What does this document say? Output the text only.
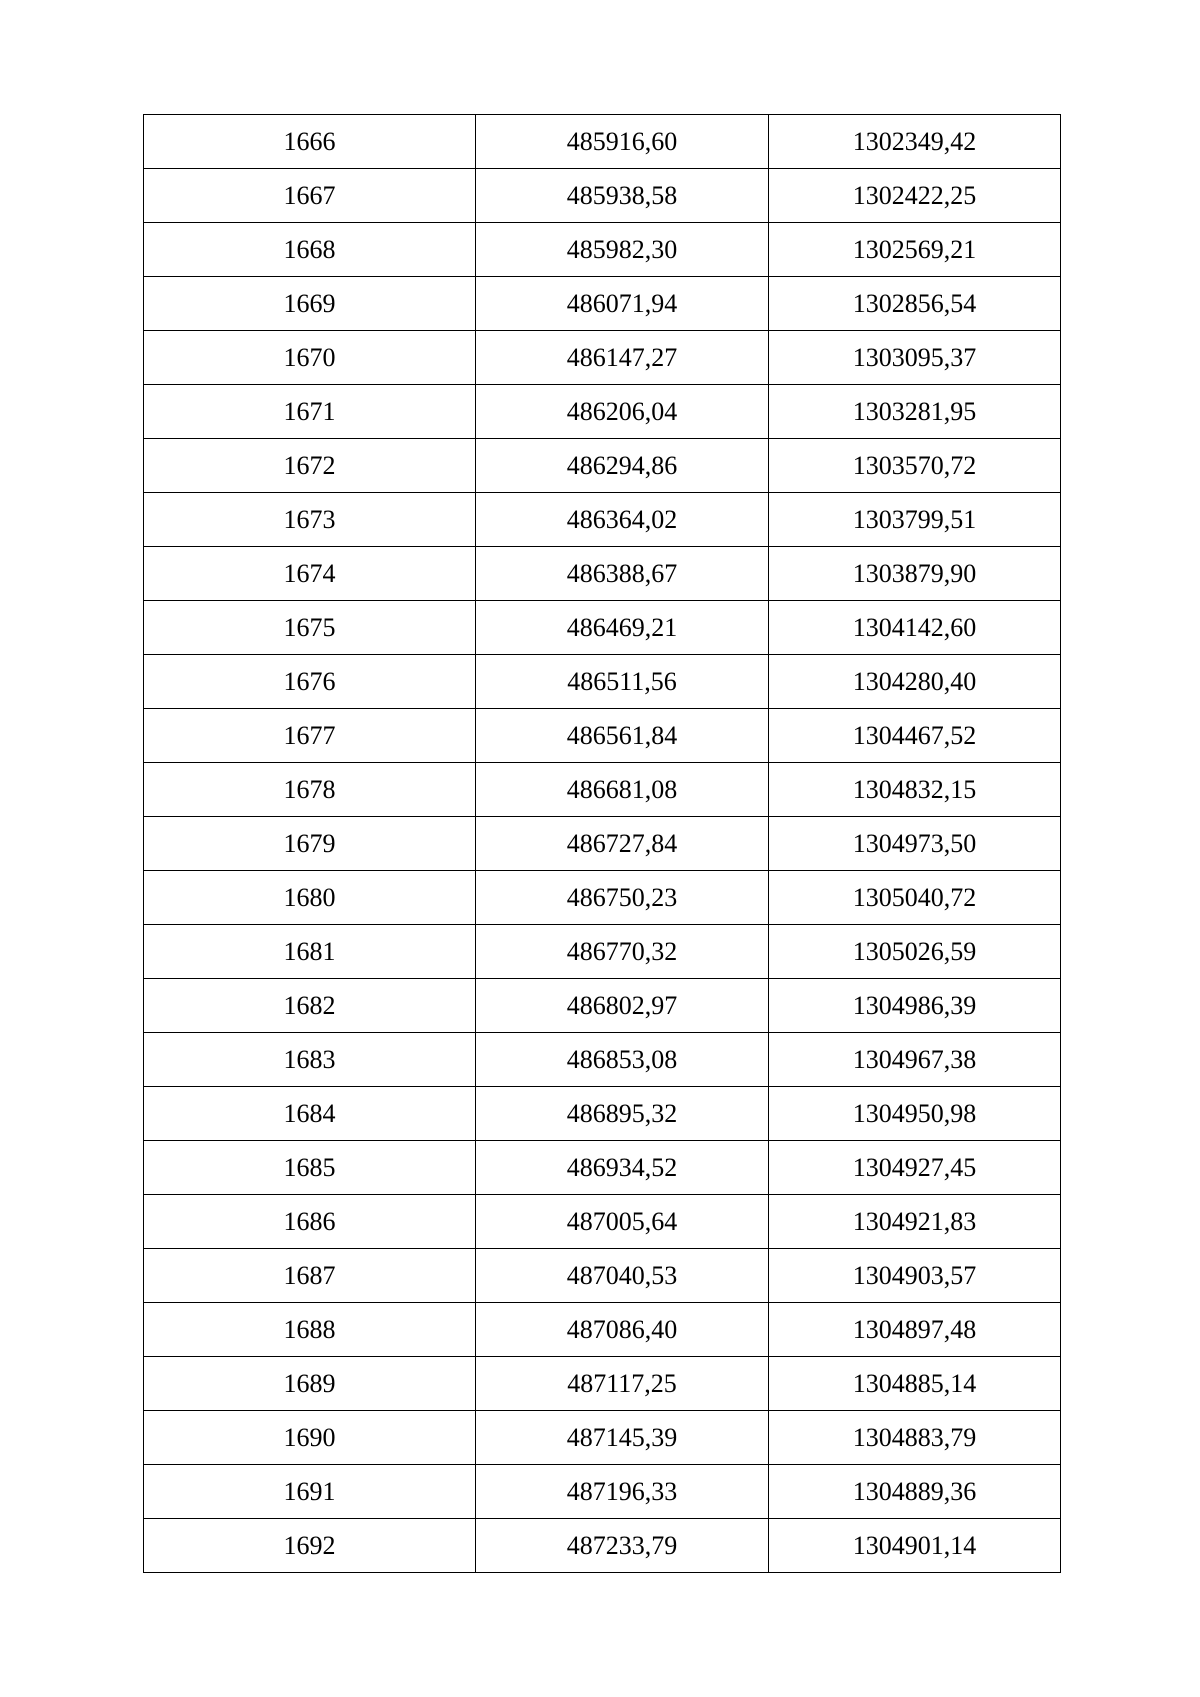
1666	485916,60	1302349,42
1667	485938,58	1302422,25
1668	485982,30	1302569,21
1669	486071,94	1302856,54
1670	486147,27	1303095,37
1671	486206,04	1303281,95
1672	486294,86	1303570,72
1673	486364,02	1303799,51
1674	486388,67	1303879,90
1675	486469,21	1304142,60
1676	486511,56	1304280,40
1677	486561,84	1304467,52
1678	486681,08	1304832,15
1679	486727,84	1304973,50
1680	486750,23	1305040,72
1681	486770,32	1305026,59
1682	486802,97	1304986,39
1683	486853,08	1304967,38
1684	486895,32	1304950,98
1685	486934,52	1304927,45
1686	487005,64	1304921,83
1687	487040,53	1304903,57
1688	487086,40	1304897,48
1689	487117,25	1304885,14
1690	487145,39	1304883,79
1691	487196,33	1304889,36
1692	487233,79	1304901,14
